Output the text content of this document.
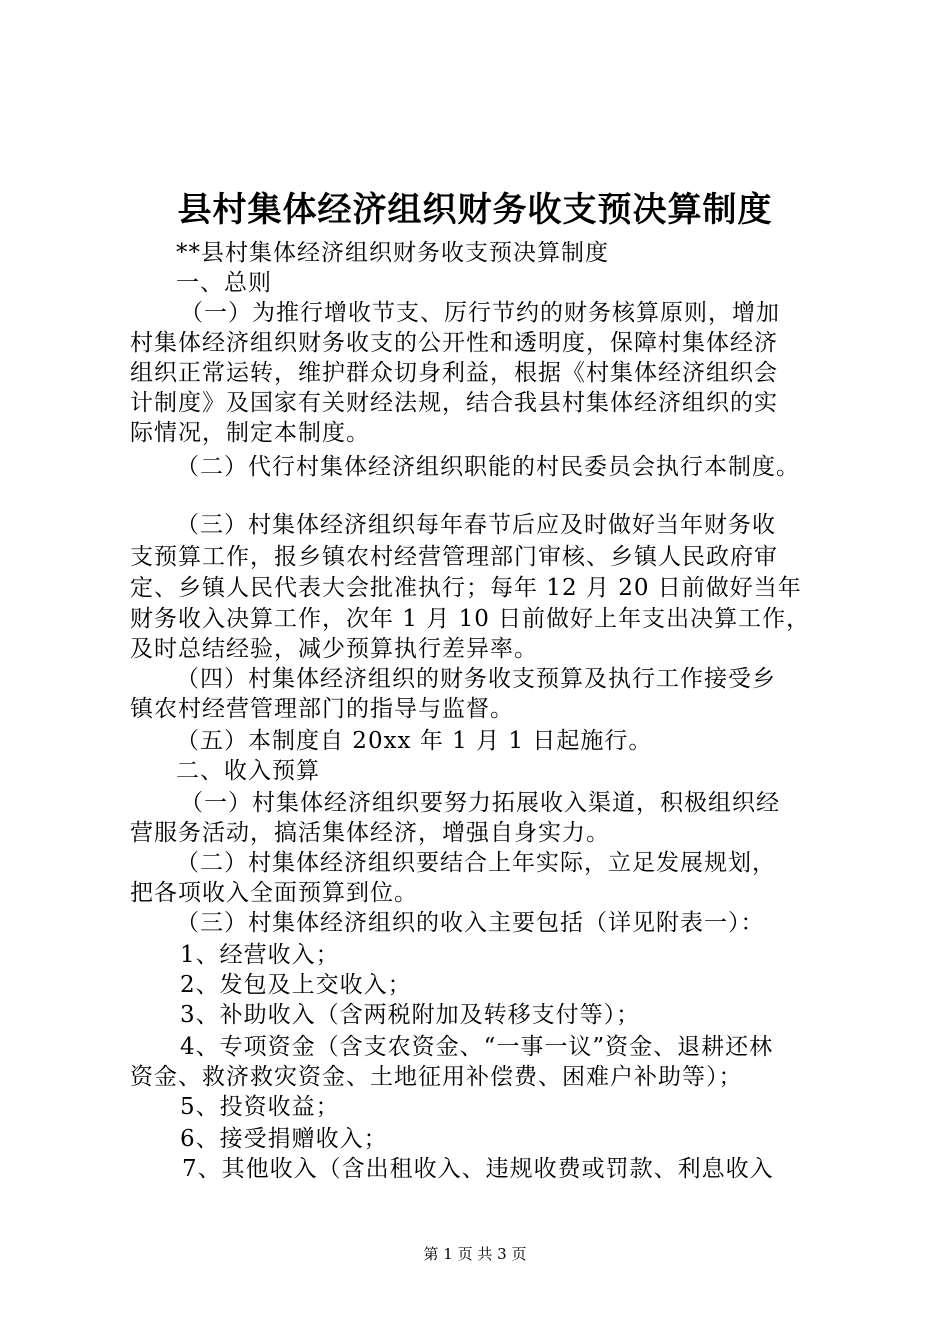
县村集体经济组织财务收支预决算制度
**县村集体经济组织财务收支预决算制度
一、总则
（一）为推行增收节支、厉行节约的财务核算原则，增加
村集体经济组织财务收支的公开性和透明度，保障村集体经济
组织正常运转，维护群众切身利益，根据《村集体经济组织会
计制度》及国家有关财经法规，结合我县村集体经济组织的实
际情况，制定本制度。
（二）代行村集体经济组织职能的村民委员会执行本制度。
（三）村集体经济组织每年春节后应及时做好当年财务收
支预算工作，报乡镇农村经营管理部门审核、乡镇人民政府审
定、乡镇人民代表大会批准执行；每年 12 月 20 日前做好当年
财务收入决算工作，次年 1 月 10 日前做好上年支出决算工作，
及时总结经验，减少预算执行差异率。
（四）村集体经济组织的财务收支预算及执行工作接受乡
镇农村经营管理部门的指导与监督。
（五）本制度自 20xx 年 1 月 1 日起施行。
二、收入预算
（一）村集体经济组织要努力拓展收入渠道，积极组织经
营服务活动，搞活集体经济，增强自身实力。
（二）村集体经济组织要结合上年实际，立足发展规划，
把各项收入全面预算到位。
（三）村集体经济组织的收入主要包括（详见附表一）：
1、经营收入；
2、发包及上交收入；
3、补助收入（含两税附加及转移支付等）；
4、专项资金（含支农资金、“一事一议”资金、退耕还林
资金、救济救灾资金、土地征用补偿费、困难户补助等）；
5、投资收益；
6、接受捐赠收入；
7、其他收入（含出租收入、违规收费或罚款、利息收入
第 1 页 共 3 页
